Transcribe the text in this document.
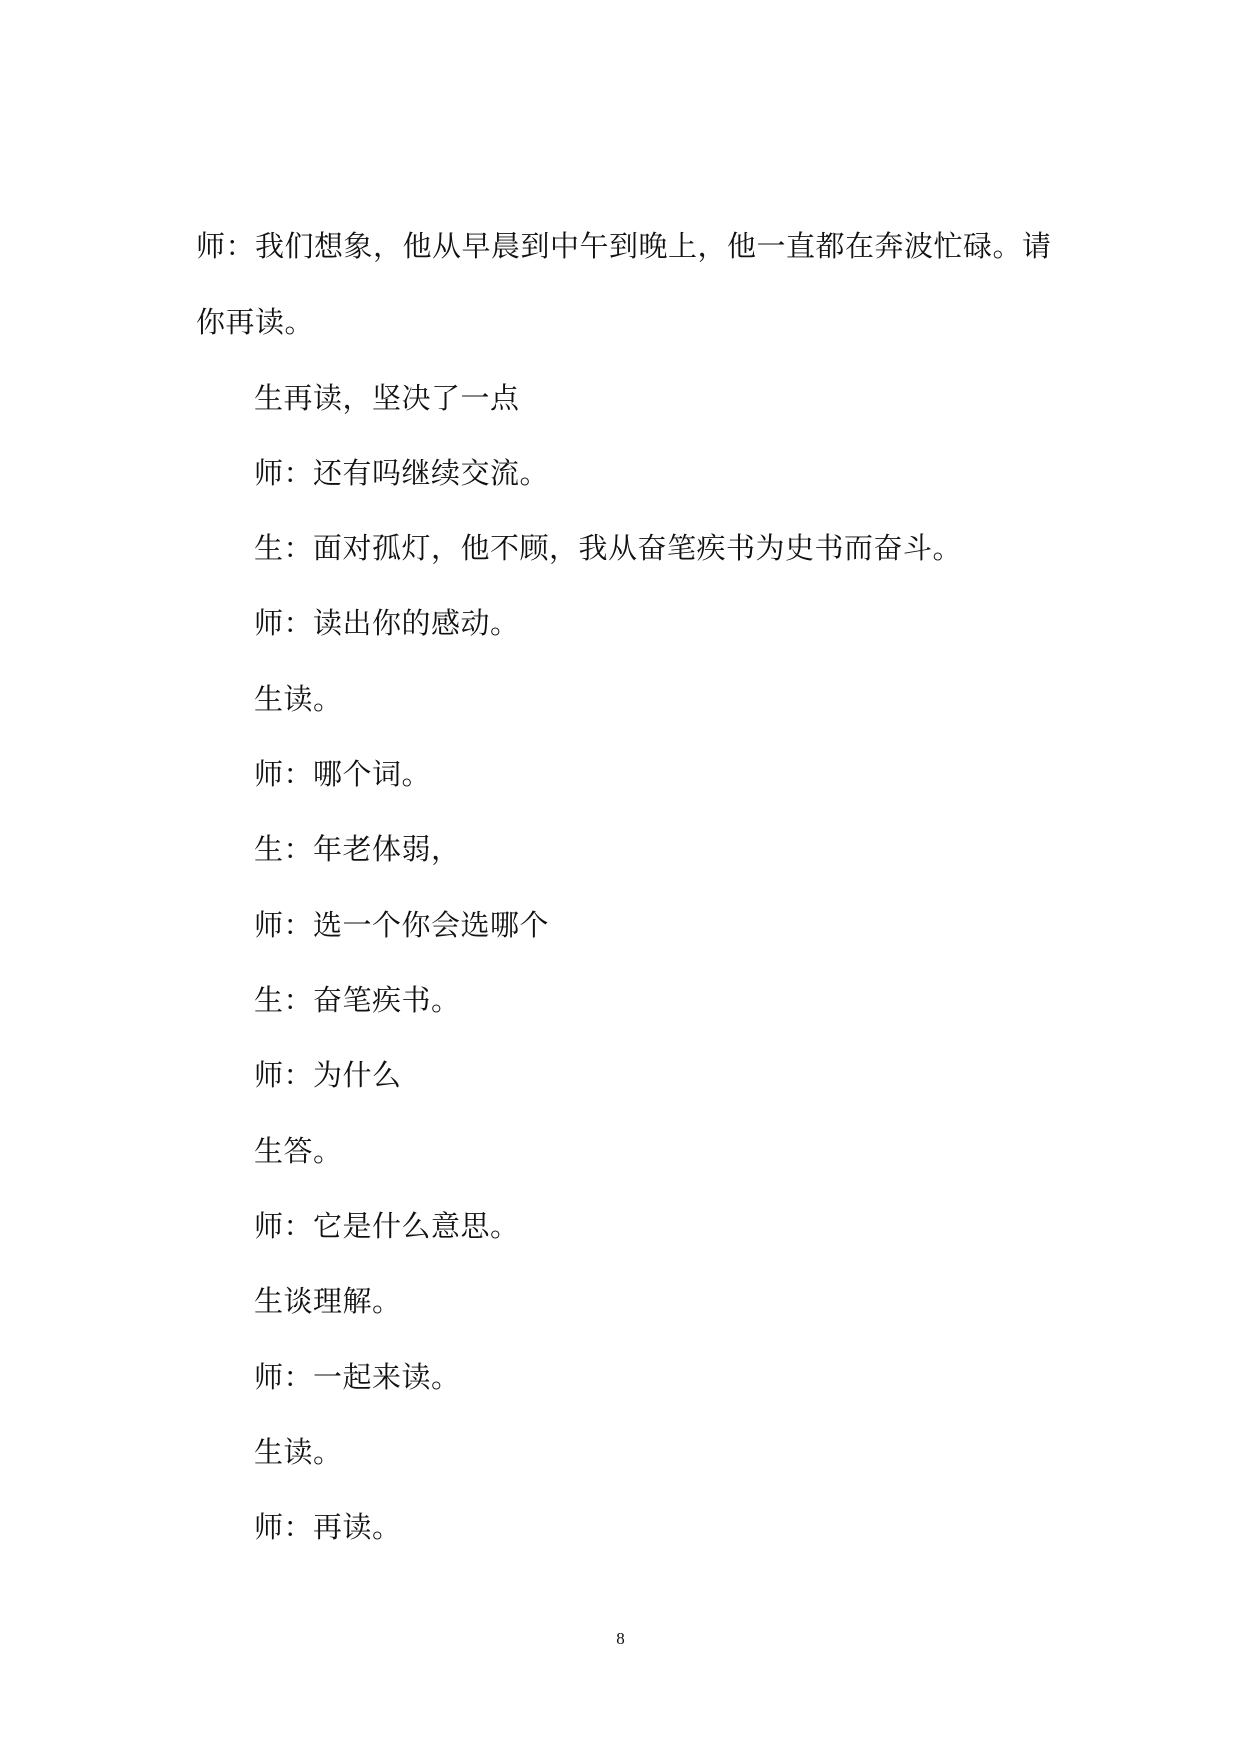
师：我们想象，他从早晨到中午到晚上，他一直都在奔波忙碌。请
你再读。
生再读，坚决了一点
师：还有吗继续交流。
生：面对孤灯，他不顾，我从奋笔疾书为史书而奋斗。
师：读出你的感动。
生读。
师：哪个词。
生：年老体弱，
师：选一个你会选哪个
生：奋笔疾书。
师：为什么
生答。
师：它是什么意思。
生谈理解。
师：一起来读。
生读。
师：再读。
8
